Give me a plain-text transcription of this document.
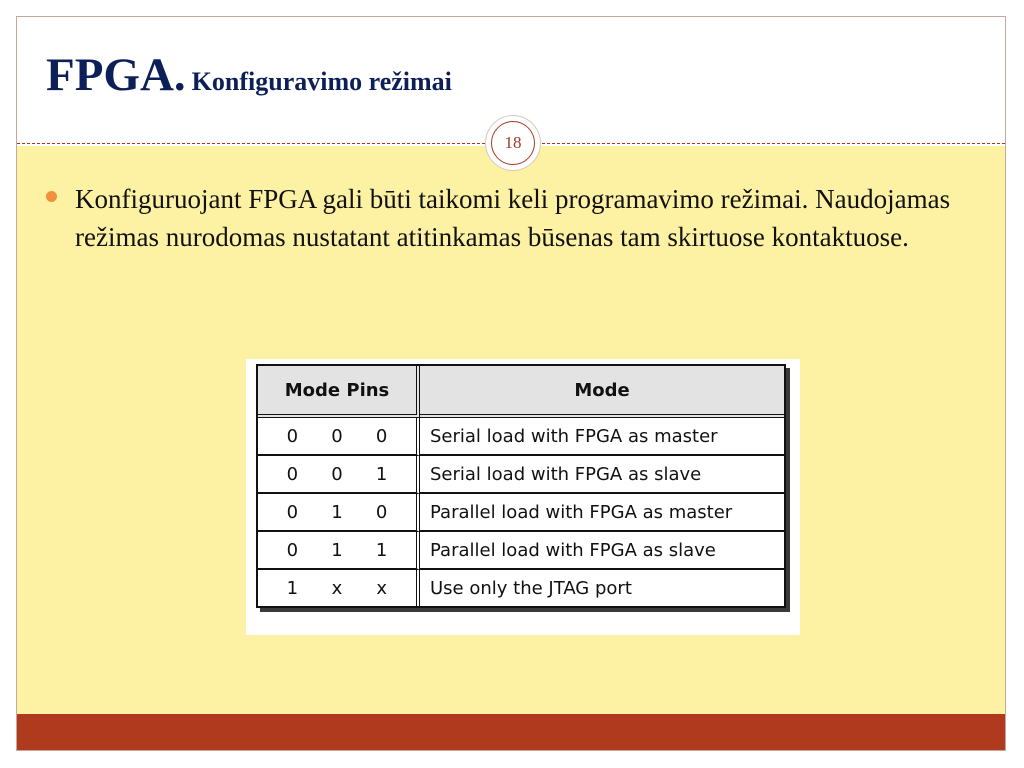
FPGA. Konfiguravimo režimai
18

Konfiguruojant FPGA gali būti taikomi keli programavimo režimai. Naudojamas režimas nurodomas nustatant atitinkamas būsenas tam skirtuose kontaktuose.

Mode Pins	Mode

0 0 0	Serial load with FPGA as master

0 0 1	Serial load with FPGA as slave

0 1 0	Parallel load with FPGA as master

0 1 1	Parallel load with FPGA as slave

1 x x	Use only the JTAG port
